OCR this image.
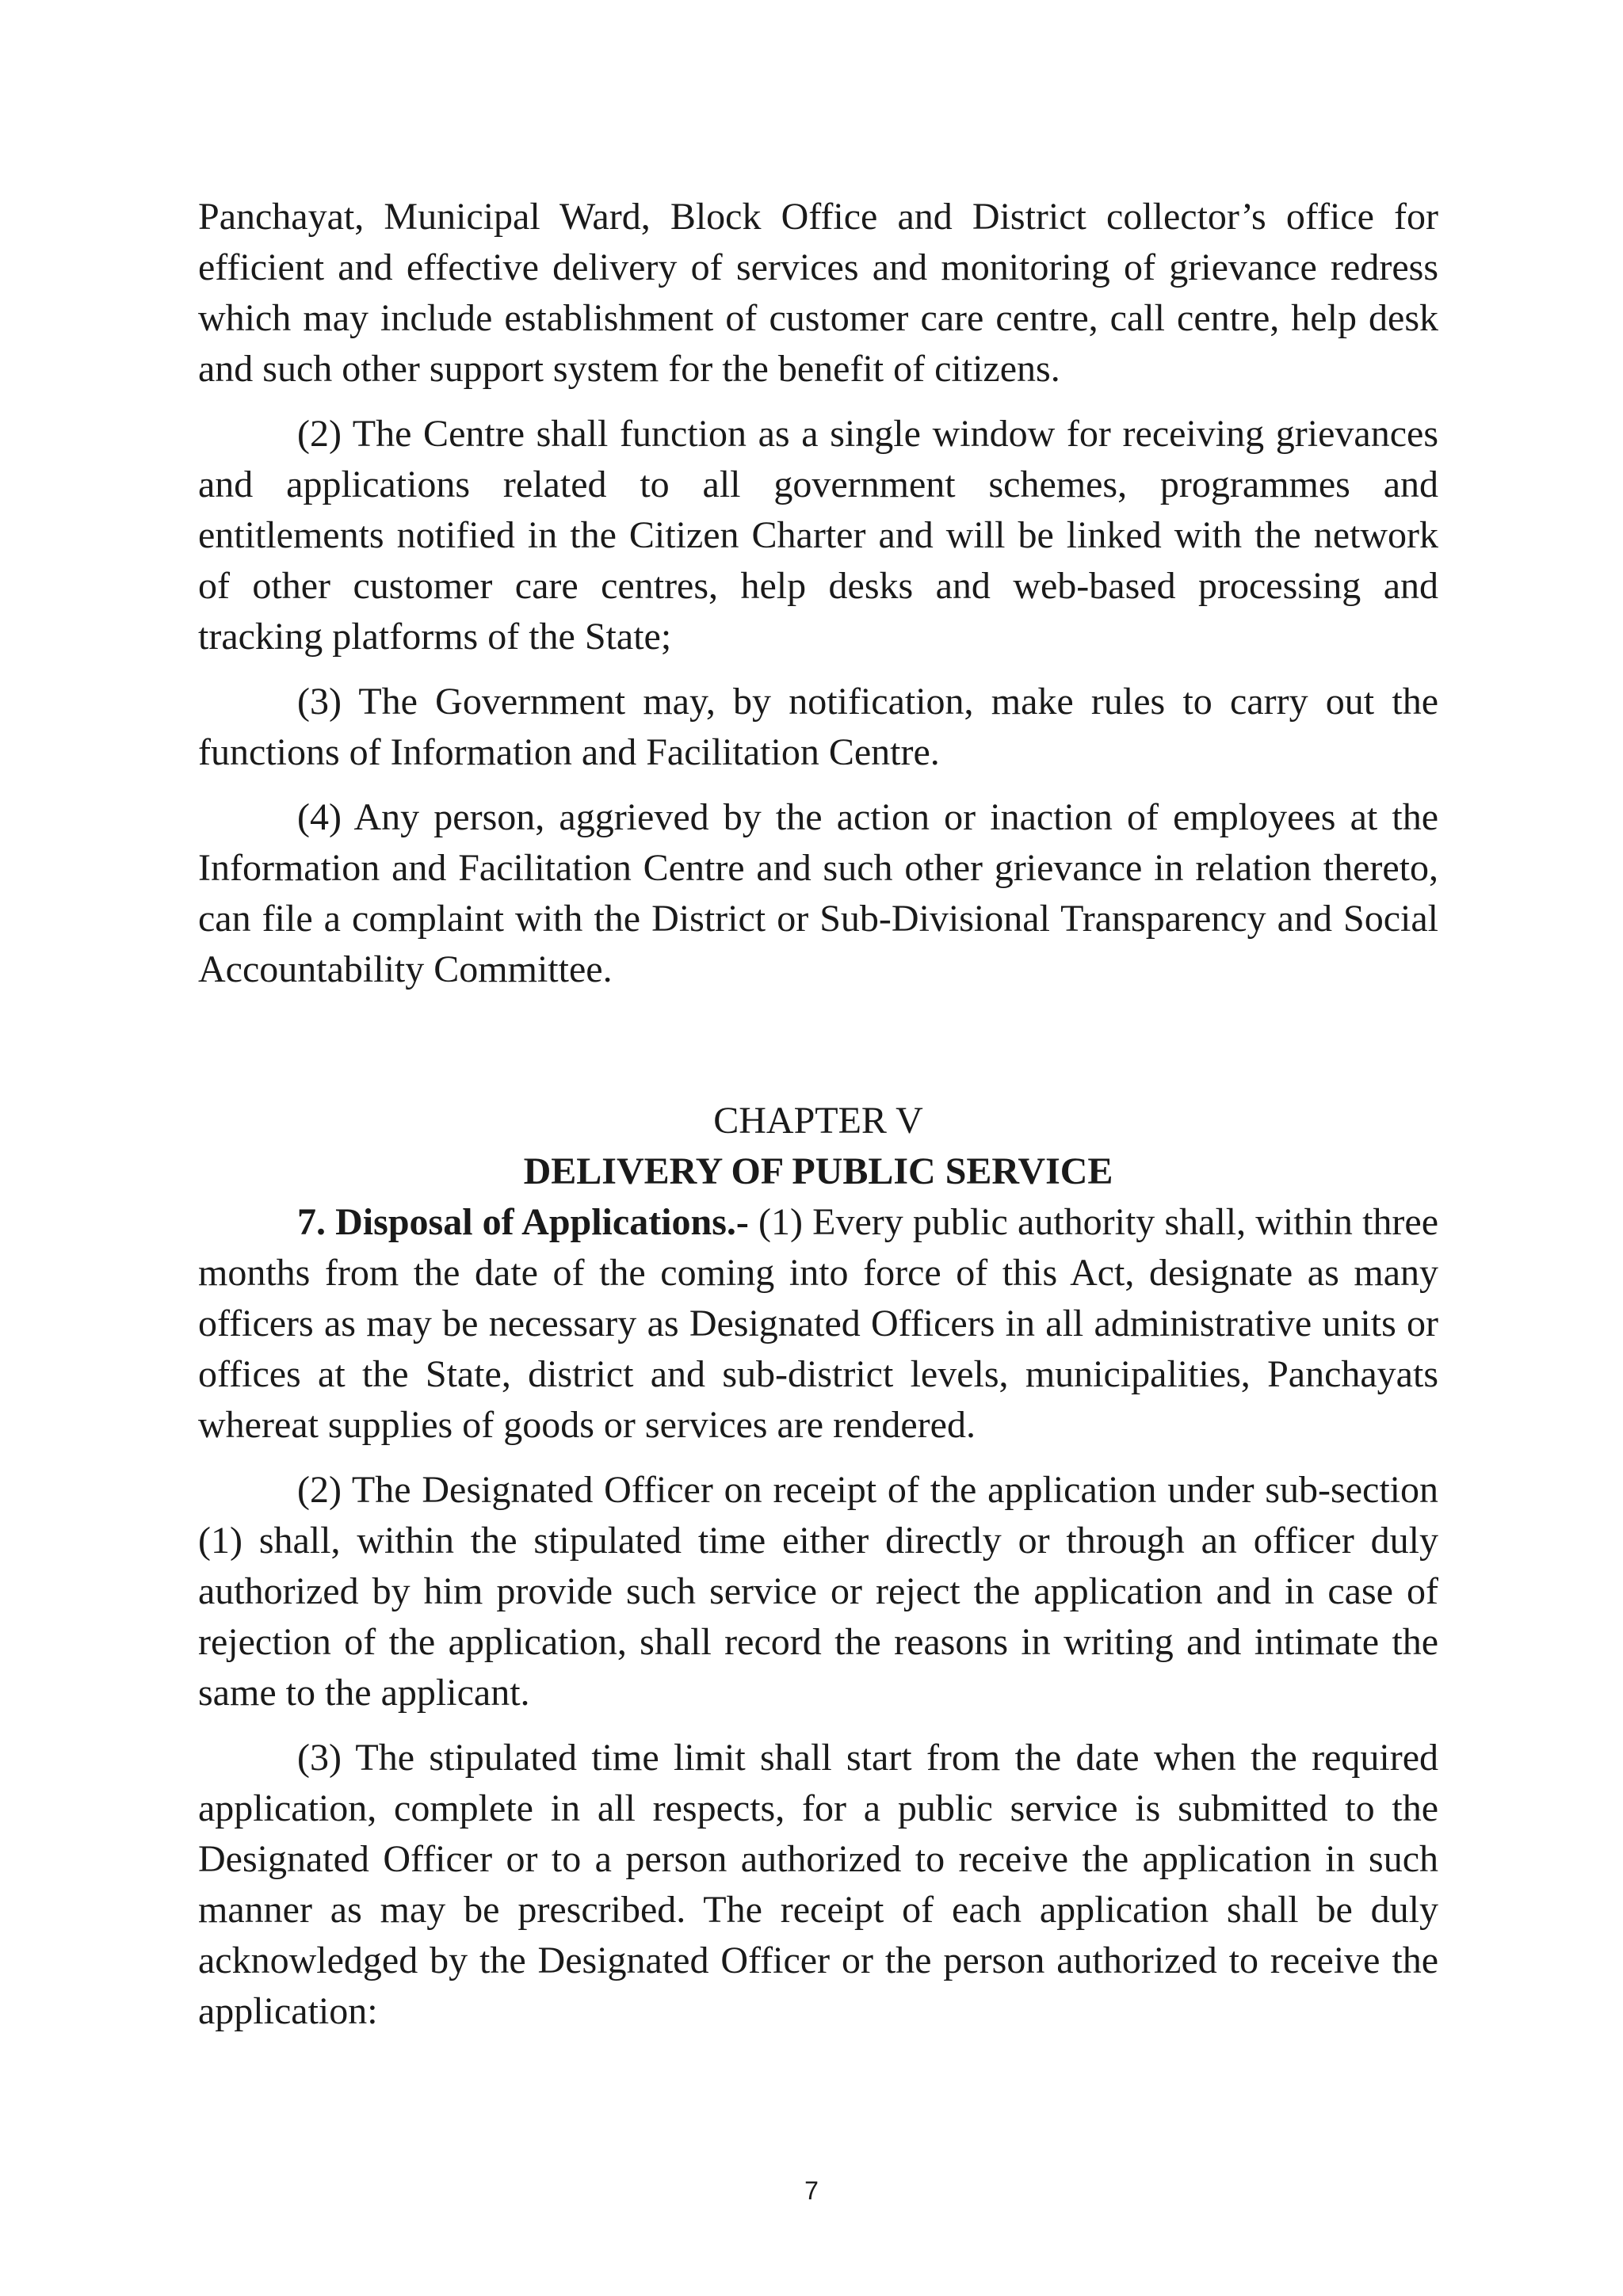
Panchayat, Municipal Ward, Block Office and District collector’s office for efficient and effective delivery of services and monitoring of grievance redress which may include establishment of customer care centre, call centre, help desk and such other support system for the benefit of citizens.

(2) The Centre shall function as a single window for receiving grievances and applications related to all government schemes, programmes and entitlements notified in the Citizen Charter and will be linked with the network of other customer care centres, help desks and web-based processing and tracking platforms of the State;

(3) The Government may, by notification, make rules to carry out the functions of Information and Facilitation Centre.

(4) Any person, aggrieved by the action or inaction of employees at the Information and Facilitation Centre and such other grievance in relation thereto, can file a complaint with the District or Sub-Divisional Transparency and Social Accountability Committee.

CHAPTER V

DELIVERY OF PUBLIC SERVICE

7. Disposal of Applications.- (1) Every public authority shall, within three months from the date of the coming into force of this Act, designate as many officers as may be necessary as Designated Officers in all administrative units or offices at the State, district and sub-district levels, municipalities, Panchayats whereat supplies of goods or services are rendered.

(2) The Designated Officer on receipt of the application under sub-section (1) shall, within the stipulated time either directly or through an officer duly authorized by him provide such service or reject the application and in case of rejection of the application, shall record the reasons in writing and intimate the same to the applicant.

(3) The stipulated time limit shall start from the date when the required application, complete in all respects, for a public service is submitted to the Designated Officer or to a person authorized to receive the application in such manner as may be prescribed. The receipt of each application shall be duly acknowledged by the Designated Officer or the person authorized to receive the application:

7
